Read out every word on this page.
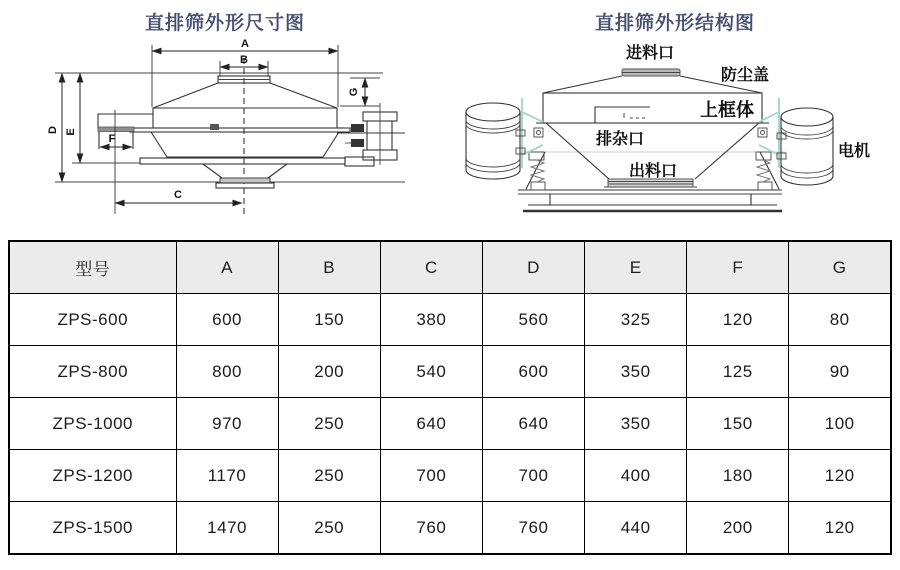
A
B
D E
G
F
C
直排筛外形尺寸图
进料口
防尘盖
上框体
排杂口
出料口
电机
直排筛外形结构图
型号	A	B	C	D	E	F	G
ZPS-600	600	150	380	560	325	120	80
ZPS-800	800	200	540	600	350	125	90
ZPS-1000	970	250	640	640	350	150	100
ZPS-1200	1170	250	700	700	400	180	120
ZPS-1500	1470	250	760	760	440	200	120
